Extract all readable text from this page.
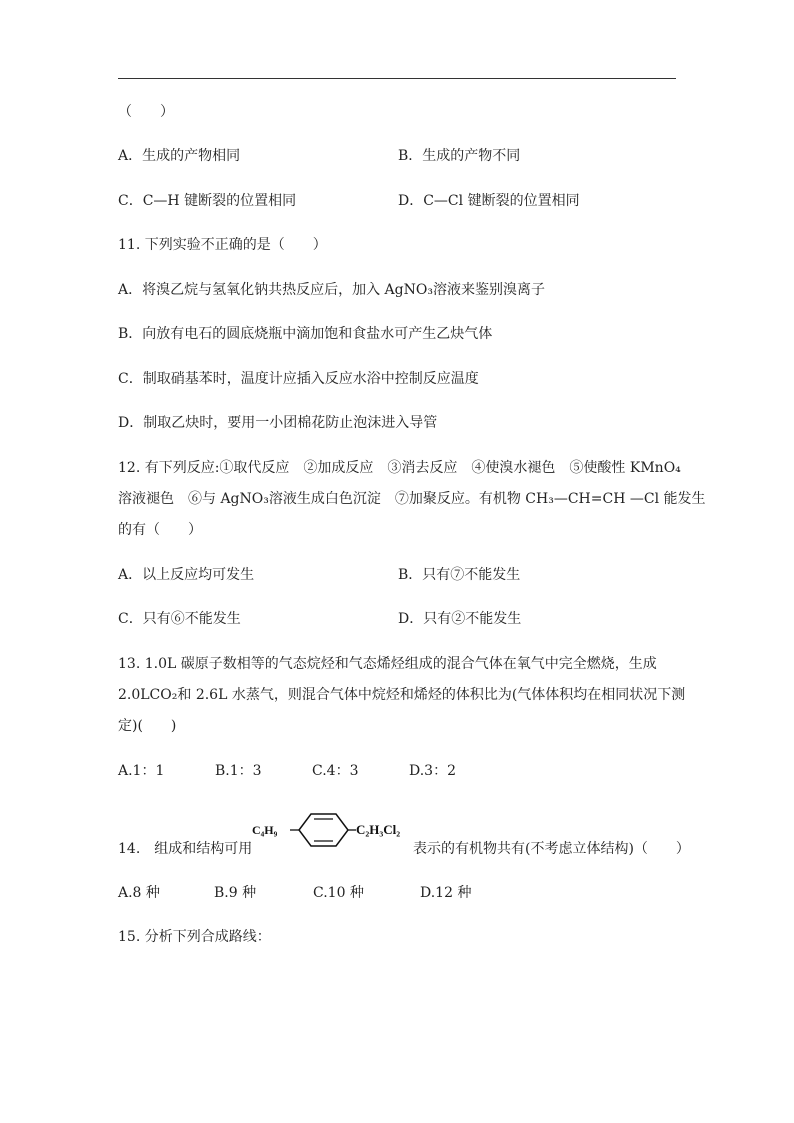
（　　）
A．生成的产物相同	B．生成的产物不同
C．C—H 键断裂的位置相同	D．C—Cl 键断裂的位置相同
11. 下列实验不正确的是（　　）
A．将溴乙烷与氢氧化钠共热反应后，加入 AgNO₃溶液来鉴别溴离子
B．向放有电石的圆底烧瓶中滴加饱和食盐水可产生乙炔气体
C．制取硝基苯时，温度计应插入反应水浴中控制反应温度
D．制取乙炔时，要用一小团棉花防止泡沫进入导管
12. 有下列反应:①取代反应　②加成反应　③消去反应　④使溴水褪色　⑤使酸性 KMnO₄
溶液褪色　⑥与 AgNO₃溶液生成白色沉淀　⑦加聚反应。有机物 CH₃—CH=CH —Cl 能发生
的有（　　）
A．以上反应均可发生	B．只有⑦不能发生
C．只有⑥不能发生	D．只有②不能发生
13. 1.0L 碳原子数相等的气态烷烃和气态烯烃组成的混合气体在氧气中完全燃烧，生成
2.0LCO₂和 2.6L 水蒸气，则混合气体中烷烃和烯烃的体积比为(气体体积均在相同状况下测
定)(　　)
A.1：1	B.1：3	C.4：3	D.3：2
C₄H₉	C₂H₃Cl₂
14.　组成和结构可用	表示的有机物共有(不考虑立体结构)（　　）
A.8 种	B.9 种	C.10 种	D.12 种
15. 分析下列合成路线：
